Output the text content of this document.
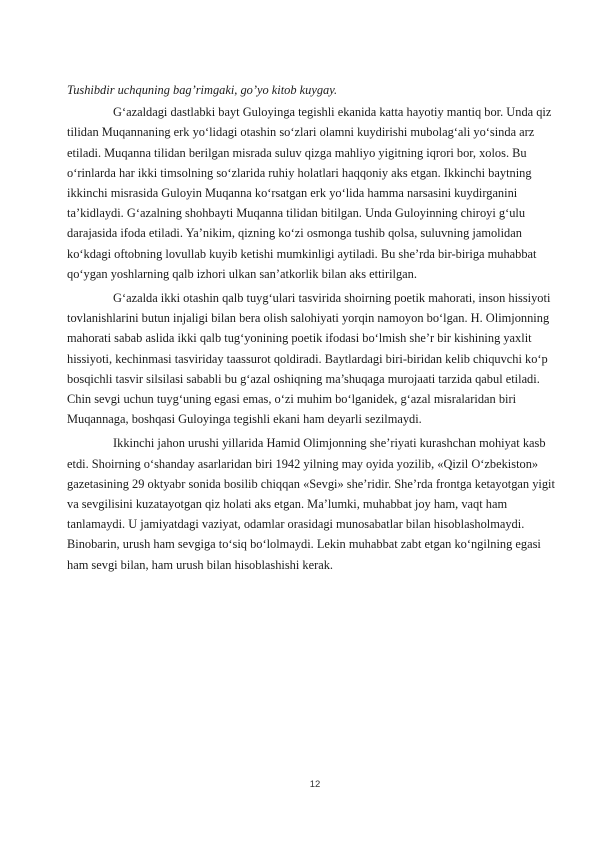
Tushibdir uchquning bag’rimgaki, go’yo kitob kuygay.

G‘azaldagi dastlabki bayt Guloyinga tegishli ekanida katta hayotiy mantiq bor. Unda qiz tilidan Muqannaning erk yo‘lidagi otashin so‘zlari olamni kuydirishi mubolag‘ali yo‘sinda arz etiladi. Muqanna tilidan berilgan misrada suluv qizga mahliyo yigitning iqrori bor, xolos. Bu o‘rinlarda har ikki timsolning so‘zlarida ruhiy holatlari haqqoniy aks etgan. Ikkinchi baytning ikkinchi misrasida Guloyin Muqanna ko‘rsatgan erk yo‘lida hamma narsasini kuydirganini ta’kidlaydi. G‘azalning shohbayti Muqanna tilidan bitilgan. Unda Guloyinning chiroyi g‘ulu darajasida ifoda etiladi. Ya’nikim, qizning ko‘zi osmonga tushib qolsa, suluvning jamolidan ko‘kdagi oftobning lovullab kuyib ketishi mumkinligi aytiladi. Bu she’rda bir-biriga muhabbat qo‘ygan yoshlarning qalb izhori ulkan san’atkorlik bilan aks ettirilgan.

G‘azalda ikki otashin qalb tuyg‘ulari tasvirida shoirning poetik mahorati, inson hissiyoti tovlanishlarini butun injaligi bilan bera olish salohiyati yorqin namoyon bo‘lgan. H. Olimjonning mahorati sabab aslida ikki qalb tug‘yonining poetik ifodasi bo‘lmish she’r bir kishining yaxlit hissiyoti, kechinmasi tasviriday taassurot qoldiradi. Baytlardagi biri-biridan kelib chiquvchi ko‘p bosqichli tasvir silsilasi sababli bu g‘azal oshiqning ma’shuqaga murojaati tarzida qabul etiladi. Chin sevgi uchun tuyg‘uning egasi emas, o‘zi muhim bo‘lganidek, g‘azal misralaridan biri Muqannaga, boshqasi Guloyinga tegishli ekani ham deyarli sezilmaydi.

Ikkinchi jahon urushi yillarida Hamid Olimjonning she’riyati kurashchan mohiyat kasb etdi. Shoirning o‘shanday asarlaridan biri 1942 yilning may oyida yozilib, «Qizil O‘zbekiston» gazetasining 29 oktyabr sonida bosilib chiqqan «Sevgi» she’ridir. She’rda frontga ketayotgan yigit va sevgilisini kuzatayotgan qiz holati aks etgan. Ma’lumki, muhabbat joy ham, vaqt ham tanlamaydi. U jamiyatdagi vaziyat, odamlar orasidagi munosabatlar bilan hisoblasholmaydi. Binobarin, urush ham sevgiga to‘siq bo‘lolmaydi. Lekin muhabbat zabt etgan ko‘ngilning egasi ham sevgi bilan, ham urush bilan hisoblashishi kerak.

12
